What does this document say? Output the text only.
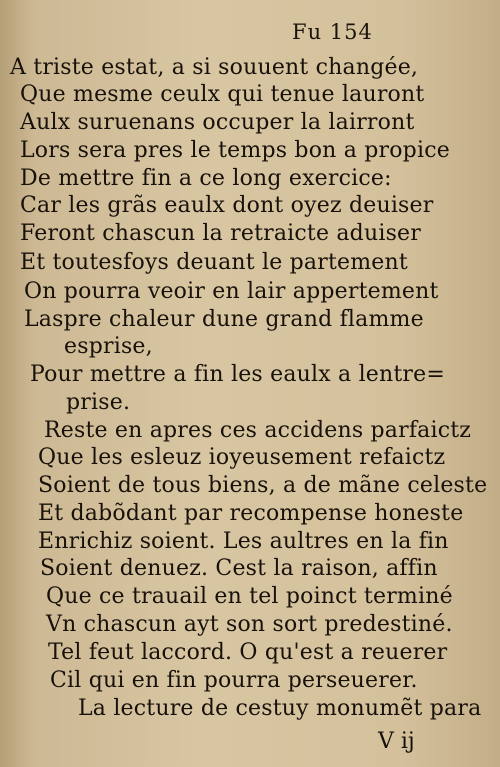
Fu 154
A triste estat, a si souuent changée,
Que mesme ceulx qui tenue lauront
Aulx suruenans occuper la lairront
Lors sera pres le temps bon a propice
De mettre fin a ce long exercice:
Car les grãs eaulx dont oyez deuiser
Feront chascun la retraicte aduiser
Et toutesfoys deuant le partement
On pourra veoir en lair appertement
Laspre chaleur dune grand flamme
esprise,
Pour mettre a fin les eaulx a lentre=
prise.
Reste en apres ces accidens parfaictz
Que les esleuz ioyeusement refaictz
Soient de tous biens, a de mãne celeste
Et dabõdant par recompense honeste
Enrichiz soient. Les aultres en la fin
Soient denuez. Cest la raison, affin
Que ce trauail en tel poinct terminé
Vn chascun ayt son sort predestiné.
Tel feut laccord. O qu'est a reuerer
Cil qui en fin pourra perseuerer.
La lecture de cestuy monumẽt para
V ij
